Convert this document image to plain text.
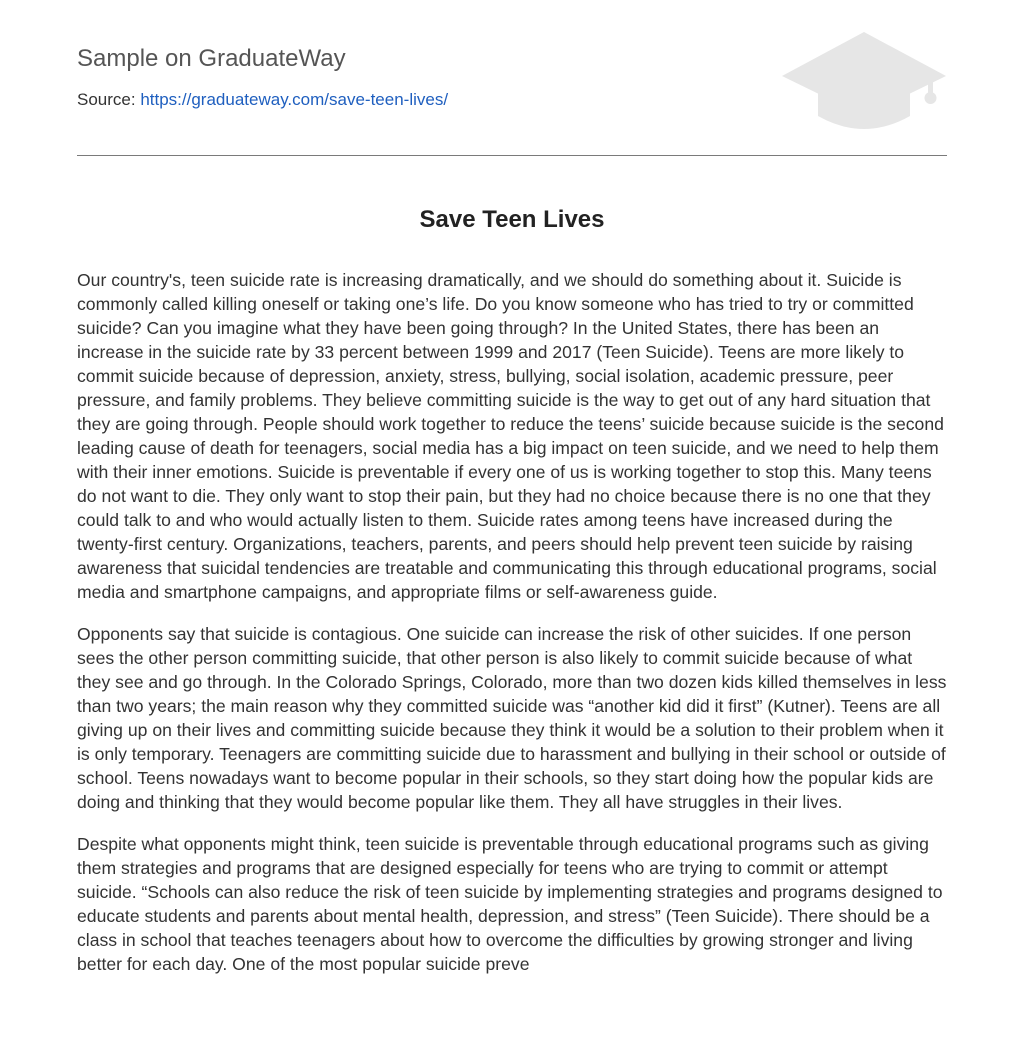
Sample on GraduateWay
Source: https://graduateway.com/save-teen-lives/
Save Teen Lives

Our country's, teen suicide rate is increasing dramatically, and we should do something about it. Suicide is commonly called killing oneself or taking one’s life. Do you know someone who has tried to try or committed suicide? Can you imagine what they have been going through? In the United States, there has been an increase in the suicide rate by 33 percent between 1999 and 2017 (Teen Suicide). Teens are more likely to commit suicide because of depression, anxiety, stress, bullying, social isolation, academic pressure, peer pressure, and family problems. They believe committing suicide is the way to get out of any hard situation that they are going through. People should work together to reduce the teens’ suicide because suicide is the second leading cause of death for teenagers, social media has a big impact on teen suicide, and we need to help them with their inner emotions. Suicide is preventable if every one of us is working together to stop this. Many teens do not want to die. They only want to stop their pain, but they had no choice because there is no one that they could talk to and who would actually listen to them. Suicide rates among teens have increased during the twenty-first century. Organizations, teachers, parents, and peers should help prevent teen suicide by raising awareness that suicidal tendencies are treatable and communicating this through educational programs, social media and smartphone campaigns, and appropriate films or self-awareness guide.

Opponents say that suicide is contagious. One suicide can increase the risk of other suicides. If one person sees the other person committing suicide, that other person is also likely to commit suicide because of what they see and go through. In the Colorado Springs, Colorado, more than two dozen kids killed themselves in less than two years; the main reason why they committed suicide was “another kid did it first” (Kutner). Teens are all giving up on their lives and committing suicide because they think it would be a solution to their problem when it is only temporary. Teenagers are committing suicide due to harassment and bullying in their school or outside of school. Teens nowadays want to become popular in their schools, so they start doing how the popular kids are doing and thinking that they would become popular like them. They all have struggles in their lives.

Despite what opponents might think, teen suicide is preventable through educational programs such as giving them strategies and programs that are designed especially for teens who are trying to commit or attempt suicide. “Schools can also reduce the risk of teen suicide by implementing strategies and programs designed to educate students and parents about mental health, depression, and stress” (Teen Suicide). There should be a class in school that teaches teenagers about how to overcome the difficulties by growing stronger and living better for each day. One of the most popular suicide preve
